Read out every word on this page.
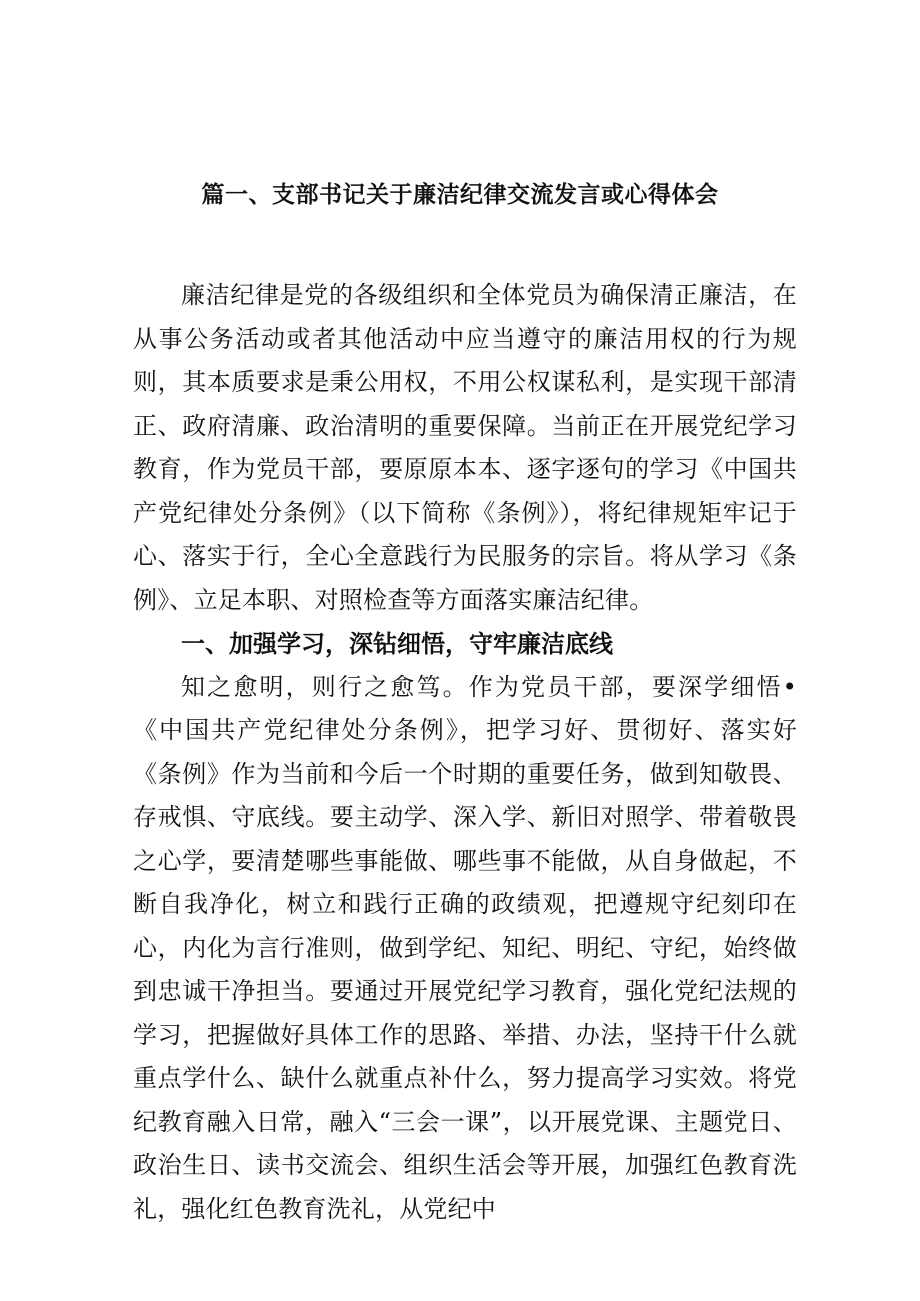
篇一、支部书记关于廉洁纪律交流发言或心得体会

廉洁纪律是党的各级组织和全体党员为确保清正廉洁，在从事公务活动或者其他活动中应当遵守的廉洁用权的行为规则，其本质要求是秉公用权，不用公权谋私利，是实现干部清正、政府清廉、政治清明的重要保障。当前正在开展党纪学习教育，作为党员干部，要原原本本、逐字逐句的学习《中国共产党纪律处分条例》（以下简称《条例》），将纪律规矩牢记于心、落实于行，全心全意践行为民服务的宗旨。将从学习《条例》、立足本职、对照检查等方面落实廉洁纪律。

一、加强学习，深钻细悟，守牢廉洁底线

知之愈明，则行之愈笃。作为党员干部，要深学细悟•《中国共产党纪律处分条例》，把学习好、贯彻好、落实好《条例》作为当前和今后一个时期的重要任务，做到知敬畏、存戒惧、守底线。要主动学、深入学、新旧对照学、带着敬畏之心学，要清楚哪些事能做、哪些事不能做，从自身做起，不断自我净化，树立和践行正确的政绩观，把遵规守纪刻印在心，内化为言行准则，做到学纪、知纪、明纪、守纪，始终做到忠诚干净担当。要通过开展党纪学习教育，强化党纪法规的学习，把握做好具体工作的思路、举措、办法，坚持干什么就重点学什么、缺什么就重点补什么，努力提高学习实效。将党纪教育融入日常，融入“三会一课”，以开展党课、主题党日、政治生日、读书交流会、组织生活会等开展，加强红色教育洗礼，强化红色教育洗礼，从党纪中
